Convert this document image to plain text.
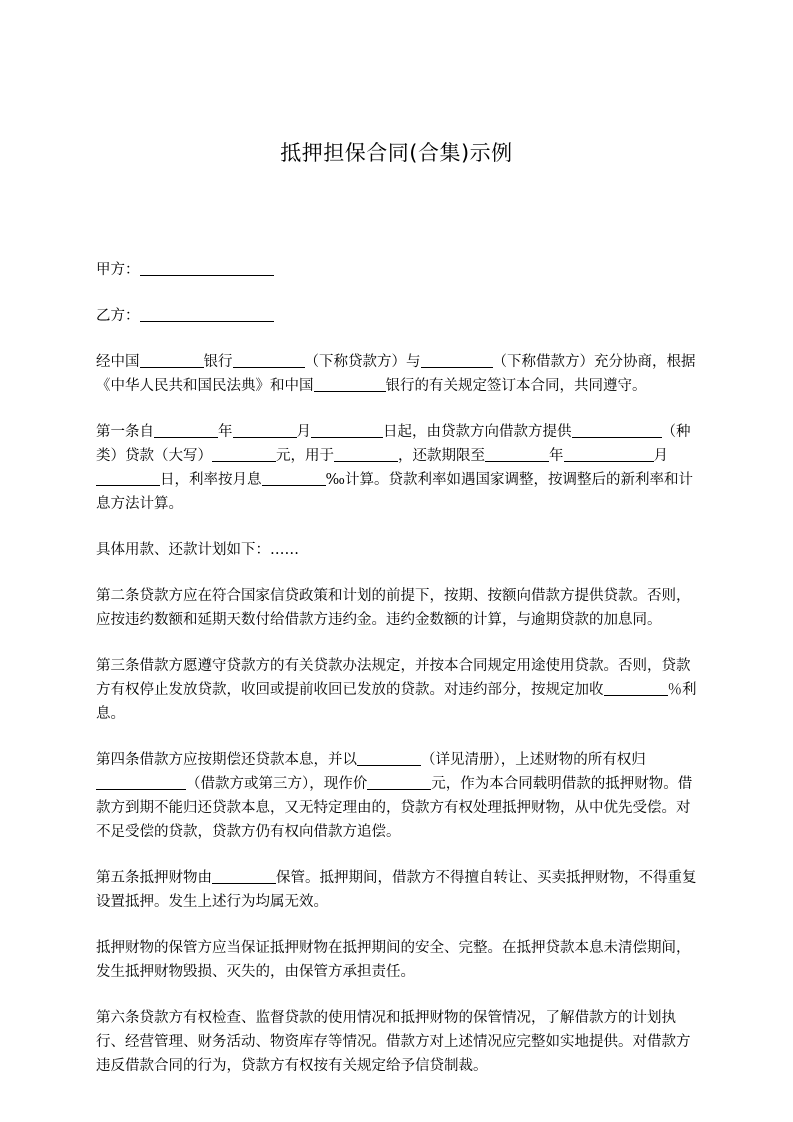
抵押担保合同(合集)示例

甲方：

乙方：

经中国	银行	（下称贷款方）与	（下称借款方）充分协商，根据《中华人民共和国民法典》和中国	银行的有关规定签订本合同，共同遵守。

第一条自	年	月	日起，由贷款方向借款方提供	（种类）贷款（大写）	元，用于	，还款期限至	年	月日，利率按月息	‰计算。贷款利率如遇国家调整，按调整后的新利率和计息方法计算。

具体用款、还款计划如下：……

第二条贷款方应在符合国家信贷政策和计划的前提下，按期、按额向借款方提供贷款。否则，应按违约数额和延期天数付给借款方违约金。违约金数额的计算，与逾期贷款的加息同。

第三条借款方愿遵守贷款方的有关贷款办法规定，并按本合同规定用途使用贷款。否则，贷款方有权停止发放贷款，收回或提前收回已发放的贷款。对违约部分，按规定加收	％利息。

第四条借款方应按期偿还贷款本息，并以	（详见清册），上述财物的所有权归（借款方或第三方），现作价	元，作为本合同载明借款的抵押财物。借款方到期不能归还贷款本息，又无特定理由的，贷款方有权处理抵押财物，从中优先受偿。对不足受偿的贷款，贷款方仍有权向借款方追偿。

第五条抵押财物由	保管。抵押期间，借款方不得擅自转让、买卖抵押财物，不得重复设置抵押。发生上述行为均属无效。

抵押财物的保管方应当保证抵押财物在抵押期间的安全、完整。在抵押贷款本息未清偿期间，发生抵押财物毁损、灭失的，由保管方承担责任。

第六条贷款方有权检查、监督贷款的使用情况和抵押财物的保管情况，了解借款方的计划执行、经营管理、财务活动、物资库存等情况。借款方对上述情况应完整如实地提供。对借款方违反借款合同的行为，贷款方有权按有关规定给予信贷制裁。
